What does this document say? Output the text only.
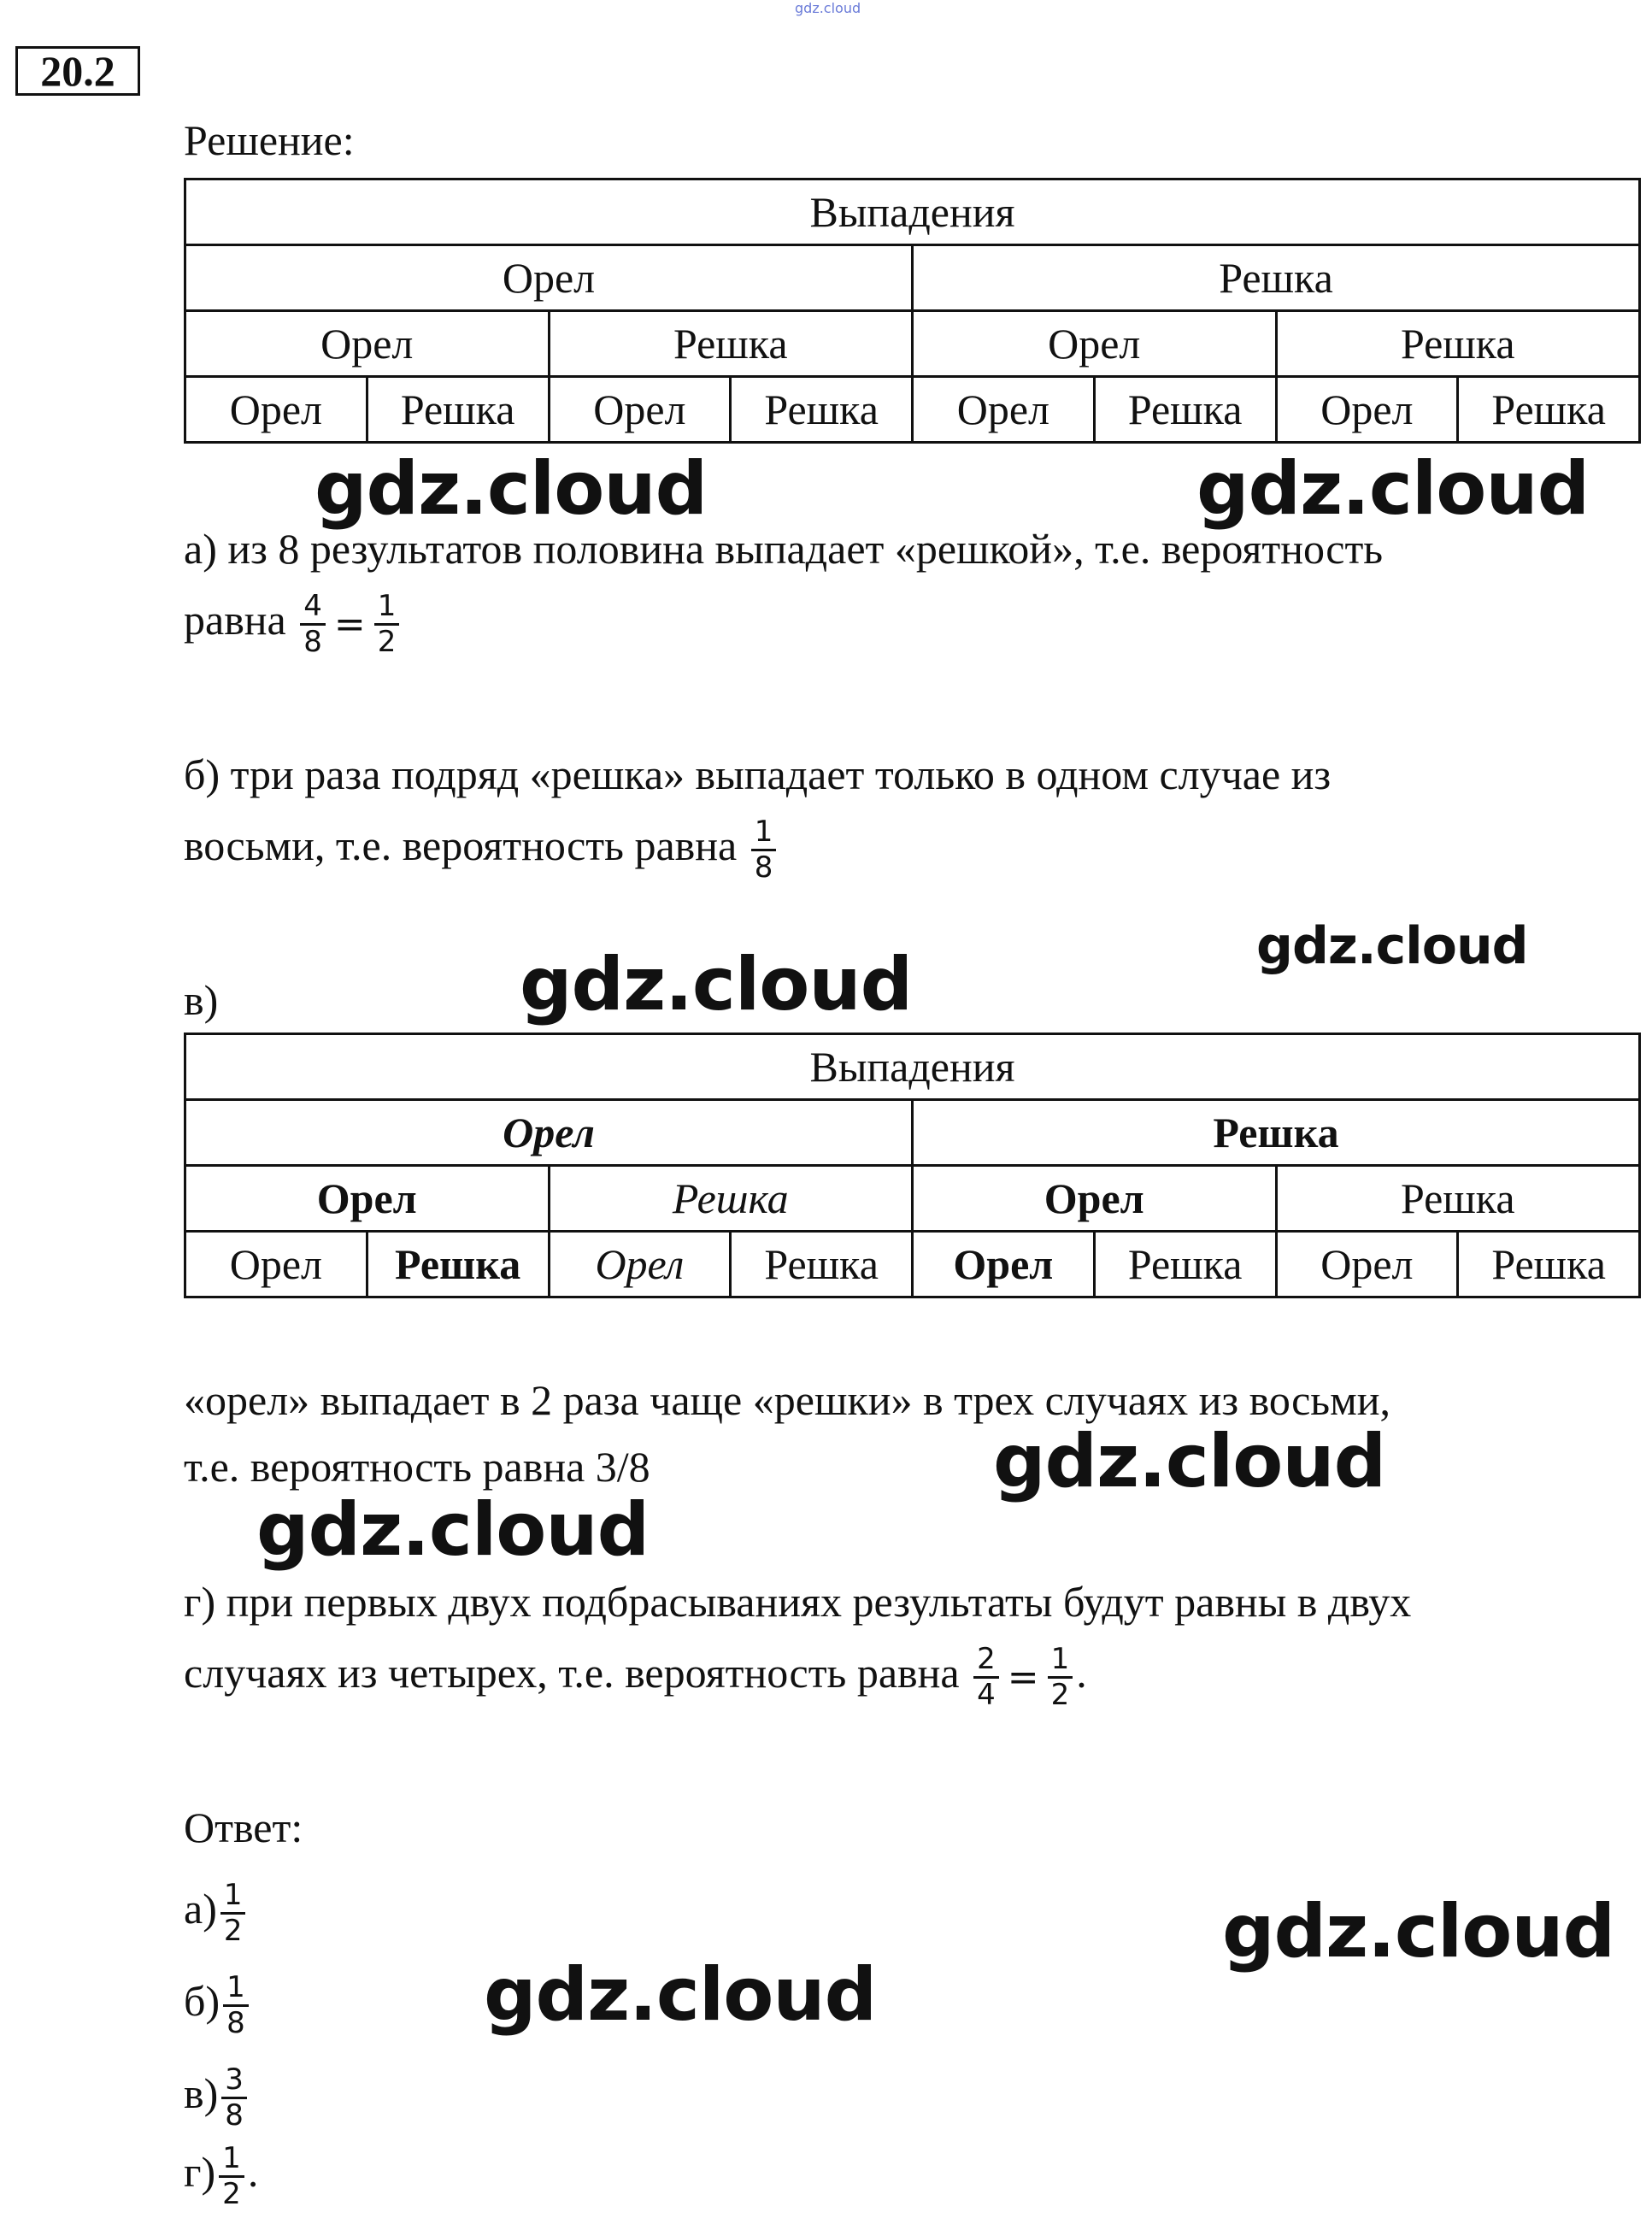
gdz.cloud
20.2
Решение:
Выпадения							
Орел				Решка			
Орел		Решка		Орел		Решка	
Орел	Решка	Орел	Решка	Орел	Решка	Орел	Решка
а) из 8 результатов половина выпадает «решкой», т.е. вероятность
равна $\frac{4}{8} = \frac{1}{2}$
б) три раза подряд «решка» выпадает только в одном случае из
восьми, т.е. вероятность равна $\frac{1}{8}$
в)
Выпадения							
Орел				Решка			
Орел		Решка		Орел		Решка	
Орел	Решка	Орел	Решка	Орел	Решка	Орел	Решка
«орел» выпадает в 2 раза чаще «решки» в трех случаях из восьми,
т.е. вероятность равна 3/8
г) при первых двух подбрасываниях результаты будут равны в двух
случаях из четырех, т.е. вероятность равна $\frac{2}{4} = \frac{1}{2}$ .
Ответ:
$а) \frac{1}{2}$
$б) \frac{1}{8}$
$в) \frac{3}{8}$
$г) \frac{1}{2}$ .
gdz.cloud	gdz.cloud
gdz.cloud
gdz.cloud
gdz.cloud
gdz.cloud
gdz.cloud
gdz.cloud
